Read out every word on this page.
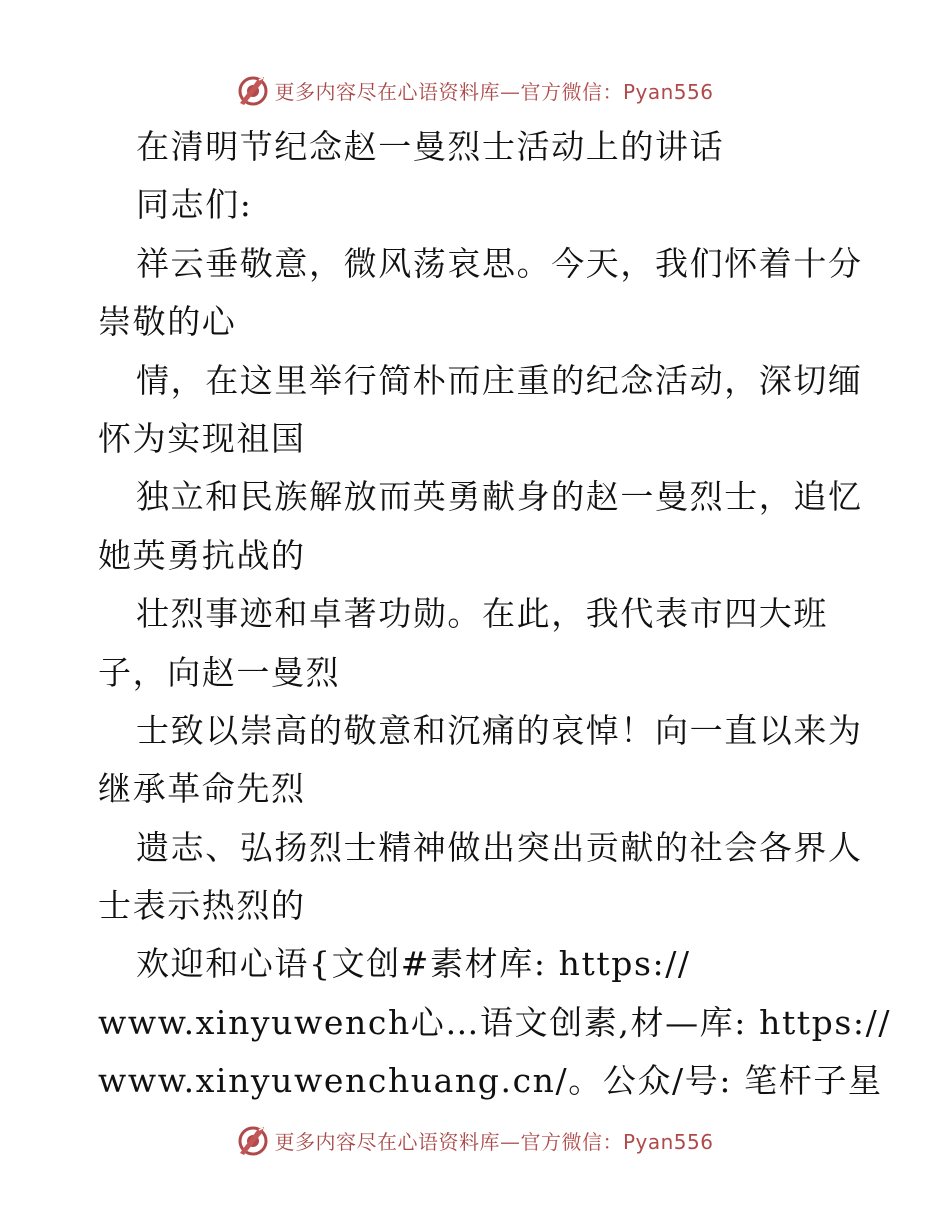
更多内容尽在心语资料库—官方微信：Pyan556
在清明节纪念赵一曼烈士活动上的讲话
同志们:
祥云垂敬意，微风荡哀思。今天，我们怀着十分
崇敬的心
情，在这里举行简朴而庄重的纪念活动，深切缅
怀为实现祖国
独立和民族解放而英勇献身的赵一曼烈士，追忆
她英勇抗战的
壮烈事迹和卓著功勋。在此，我代表市四大班
子，向赵一曼烈
士致以崇高的敬意和沉痛的哀悼！向一直以来为
继承革命先烈
遗志、弘扬烈士精神做出突出贡献的社会各界人
士表示热烈的
欢迎和心语{文创#素材库: https://
www.xinyuwench心…语文创素,材—库: https://
www.xinyuwenchuang.cn/。公众/号: 笔杆子星
更多内容尽在心语资料库—官方微信：Pyan556
